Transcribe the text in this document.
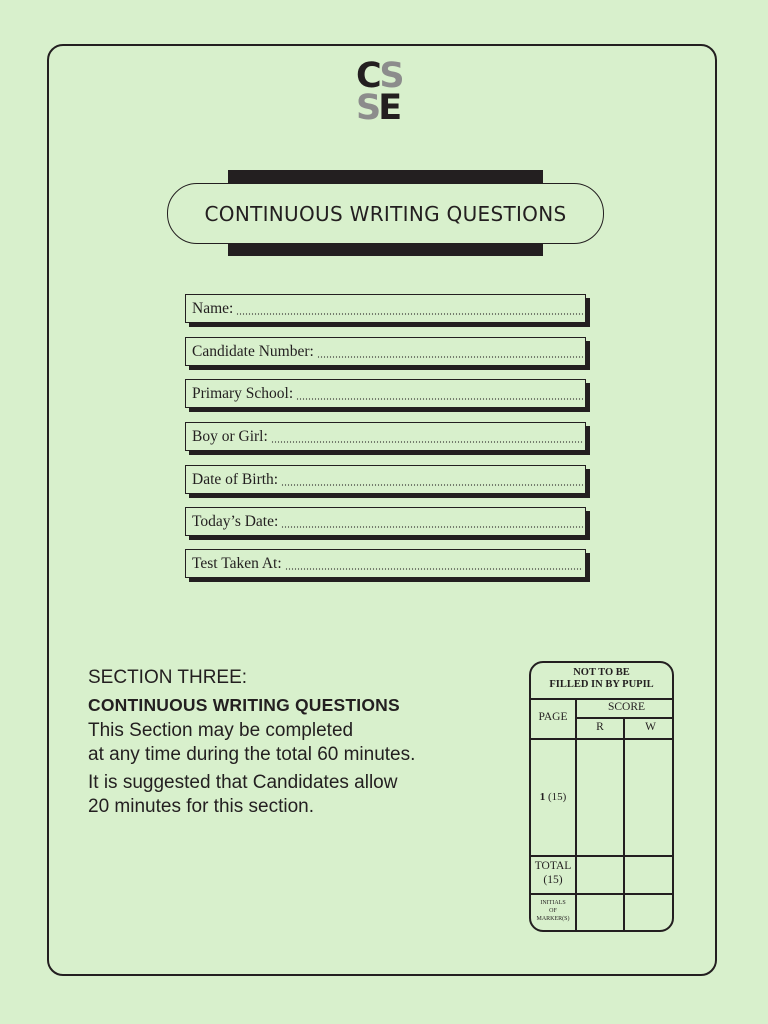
CS
SE
CONTINUOUS WRITING QUESTIONS
Name:
Candidate Number:
Primary School:
Boy or Girl:
Date of Birth:
Today’s Date:
Test Taken At:
SECTION THREE:
CONTINUOUS WRITING QUESTIONS
This Section may be completed
at any time during the total 60 minutes.
It is suggested that Candidates allow
20 minutes for this section.
NOT TO BE
FILLED IN BY PUPIL
PAGE
SCORE
R	W
1 (15)
TOTAL
(15)
INITIALS
OF
MARKER(S)
